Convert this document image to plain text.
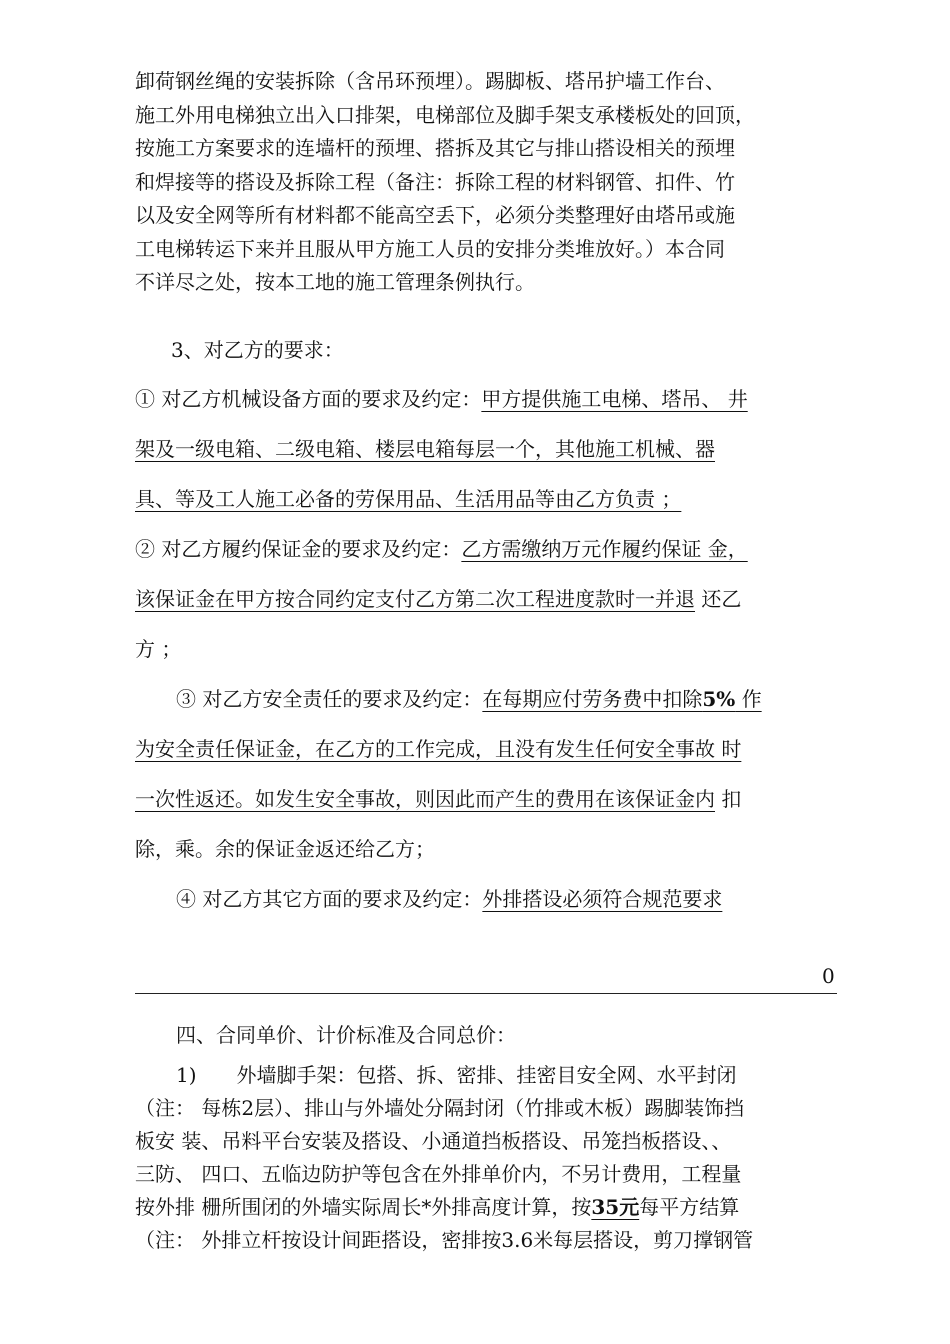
卸荷钢丝绳的安装拆除（含吊环预埋）。踢脚板、塔吊护墙工作台、
施工外用电梯独立出入口排架，电梯部位及脚手架支承楼板处的回顶，
按施工方案要求的连墙杆的预埋、搭拆及其它与排山搭设相关的预埋
和焊接等的搭设及拆除工程（备注：拆除工程的材料钢管、扣件、竹
以及安全网等所有材料都不能高空丢下，必须分类整理好由塔吊或施
工电梯转运下来并且服从甲方施工人员的安排分类堆放好。）本合同
不详尽之处，按本工地的施工管理条例执行。
3、对乙方的要求：
① 对乙方机械设备方面的要求及约定：甲方提供施工电梯、塔吊、 井
架及一级电箱、二级电箱、楼层电箱每层一个，其他施工机械、器
具、等及工人施工必备的劳保用品、生活用品等由乙方负责 ；
② 对乙方履约保证金的要求及约定：乙方需缴纳万元作履约保证 金，
该保证金在甲方按合同约定支付乙方第二次工程进度款时一并退 还乙
方 ；
③ 对乙方安全责任的要求及约定：在每期应付劳务费中扣除5% 作
为安全责任保证金，在乙方的工作完成，且没有发生任何安全事故 时
一次性返还。如发生安全事故，则因此而产生的费用在该保证金内 扣
除，乘。余的保证金返还给乙方；
④ 对乙方其它方面的要求及约定：外排搭设必须符合规范要求
0
四、合同单价、计价标准及合同总价：
1) 外墙脚手架：包搭、拆、密排、挂密目安全网、水平封闭
（注： 每栋2层）、排山与外墙处分隔封闭（竹排或木板）踢脚装饰挡
板安 装、吊料平台安装及搭设、小通道挡板搭设、吊笼挡板搭设、、
三防、 四口、五临边防护等包含在外排单价内，不另计费用，工程量
按外排 栅所围闭的外墙实际周长*外排高度计算，按35元每平方结算
（注： 外排立杆按设计间距搭设，密排按3.6米每层搭设，剪刀撑钢管
